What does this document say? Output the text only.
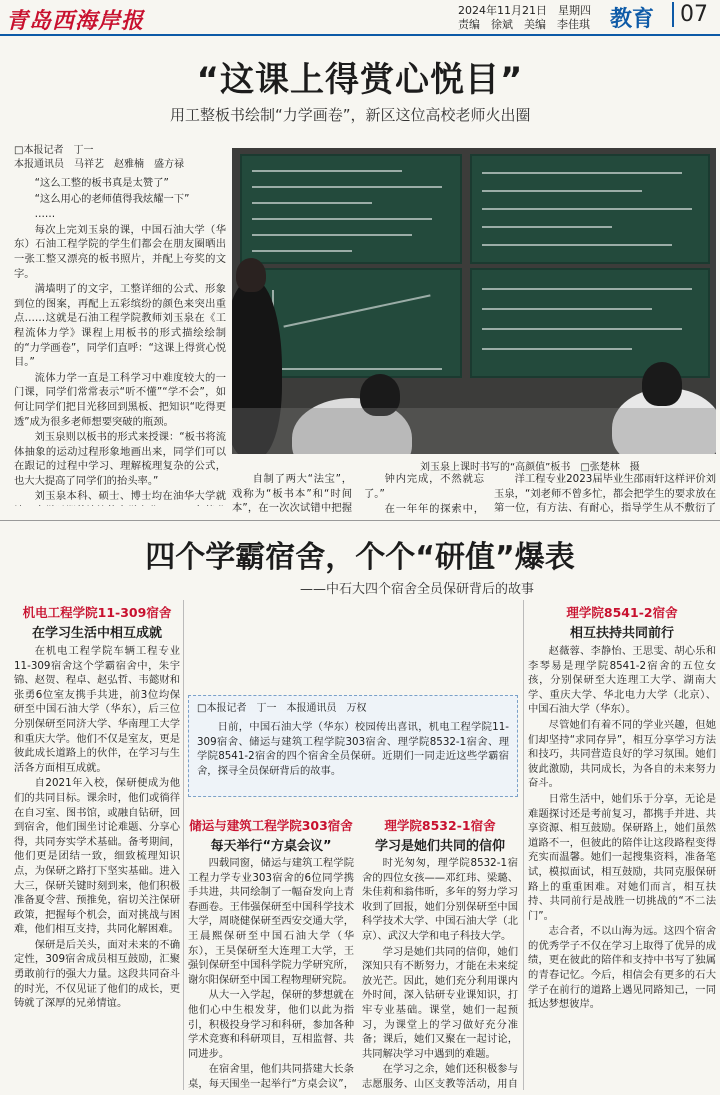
青岛西海岸报	2024年11月21日　 星期四
责编　徐斌　美编　李佳琪 教育	07
“这课上得赏心悦目”
用工整板书绘制“力学画卷”，新区这位高校老师火出圈
□本报记者　丁一
本报通讯员　马祥艺　赵雅楠　盛方禄

“这么工整的板书真是太赞了”

“这么用心的老师值得我炫耀一下”

……

每次上完刘玉泉的课，中国石油大学（华东）石油工程学院的学生们都会在朋友圈晒出一张工整又漂亮的板书照片，并配上夸奖的文字。

满墙明了的文字，工整详细的公式、形象到位的图案，再配上五彩缤纷的颜色来突出重点……这就是石油工程学院教师刘玉泉在《工程流体力学》课程上用板书的形式描绘绘制的“力学画卷”，同学们直呼：“这课上得赏心悦目。”

流体力学一直是工科学习中难度较大的一门课，同学们常常表示“听不懂”“学不会”，如何让同学们把目光移回到黑板、把知识“吃得更透”成为很多老师想要突破的瓶颈。

刘玉泉则以板书的形式来授课：“板书将流体抽象的运动过程形象地画出来，同学们可以在跟记的过程中学习、理解梳理复杂的公式，也大大提高了同学们的抬头率。”

刘玉泉本科、硕士、博士均在油华大学就

刘玉泉上课时书写的“高颜值”板书　□张楚林　摄

自制了两大“法宝”，戏称为“板书本”和“时间本”，在一次次试错中把握

钟内完成，不然就忘了。”

在一年年的探索中，

洋工程专业2023届毕业生邵雨轩这样评价刘玉泉，“刘老师不曾多忙，都会把学生的要求放在第一位，有方法、有耐心，指导学生从不敷衍了

四个学霸宿舍，个个“研值”爆表
——中石大四个宿舍全员保研背后的故事
机电工程学院11-309宿舍
在学习生活中相互成就

在机电工程学院车辆工程专业11-309宿舍这个学霸宿舍中，朱宇锦、赵贺、程卓、赵弘哲、韦懿财和张勇6位室友携手共进，前3位均保研至中国石油大学（华东），后三位分别保研至同济大学、华南理工大学和重庆大学。他们不仅是室友，更是彼此成长道路上的伙伴，在学习与生活各方面相互成就。

自2021年入校，保研便成为他们的共同目标。课余时，他们或徜徉在自习室、图书馆，或融自钻研，回到宿舍，他们围坐讨论难题、分享心得，共同夯实学术基础。备考期间，他们更是团结一致，细致梳理知识点，为保研之路打下坚实基础。进入大三，保研关键时刻到来，他们积极准备夏令营、预推免，宿切关注保研政策，把握每个机会，面对挑战与困难，他们相互支持，共同化解困难。

保研是后关头，面对未来的不确定性，309宿舍成员相互鼓励，汇聚勇敢前行的强大力量。这段共同奋斗的时光，不仅见证了他们的成长，更铸就了深厚的兄弟情谊。

□本报记者　丁一　本报通讯员　万权

日前，中国石油大学（华东）校园传出喜讯，机电工程学院11-309宿舍、储运与建筑工程学院303宿舍、理学院8532-1宿舍、理学院8541-2宿舍的四个宿舍全员保研。近期们一同走近这些学霸宿舍，探寻全员保研背后的故事。

储运与建筑工程学院303宿舍
每天举行“方桌会议”

四载同窗，储运与建筑工程学院工程力学专业303宿舍的6位同学携手共进，共同绘制了一幅奋发向上青春画卷。王伟强保研至中国科学技术大学，周晓健保研至西安交通大学，王晨熙保研至中国石油大学（华东），王昊保研至大连理工大学，王强钊保研至中国科学院力学研究所，谢尔阳保研至中国工程物理研究院。

从大一入学起，保研的梦想就在他们心中生根发芽，他们以此为指引，积极投身学习和科研，参加各种学术竞赛和科研项目，互相监督、共同进步。

在宿舍里，他们共同搭建大长条桌，每天围坐一起举行“方桌会议”，

理学院8532-1宿舍
学习是她们共同的信仰

时光匆匆，理学院8532-1宿舍的四位女孩——邓红玮、梁璐、朱佳莉和翁伟昕，多年的努力学习收到了回报，她们分别保研至中国科学技术大学、中国石油大学（北京）、武汉大学和电子科技大学。

学习是她们共同的信仰，她们深知只有不断努力，才能在未来绽放光芒。因此，她们充分利用课内外时间，深入钻研专业课知识，打牢专业基础。课堂，她们一起预习，为课堂上的学习做好充分准备；课后，她们又聚在一起讨论，共同解决学习中遇到的难题。

在学习之余，她们还积极参与志愿服务、山区支教等活动，用自

理学院8541-2宿舍
相互扶持共同前行

赵薇蓉、李静怡、王思雯、胡心乐和李琴易是理学院8541-2宿舍的五位女孩，分别保研至大连理工大学、湖南大学、重庆大学、华北电力大学（北京）、中国石油大学（华东）。

尽管她们有着不同的学业兴趣，但她们却坚持“求同存异”，相互分享学习方法和技巧，共同营造良好的学习氛围。她们彼此激励，共同成长，为各自的未来努力奋斗。

日常生活中，她们乐于分享，无论是难题探讨还是考前复习，都携手并进、共享资源、相互鼓励。保研路上，她们虽然道路不一，但彼此的陪伴让这段路程变得充实而温馨。她们一起搜集资料，准备笔试，模拟面试，相互鼓励，共同克服保研路上的重重困难。对她们而言，相互扶持、共同前行是战胜一切挑战的“不二法门”。

志合者，不以山海为远。这四个宿舍的优秀学子不仅在学习上取得了优异的成绩，更在彼此的陪伴和支持中书写了独属的青春记忆。今后，相信会有更多的石大学子在前行的道路上遇见同路知己，一同抵达梦想彼岸。
